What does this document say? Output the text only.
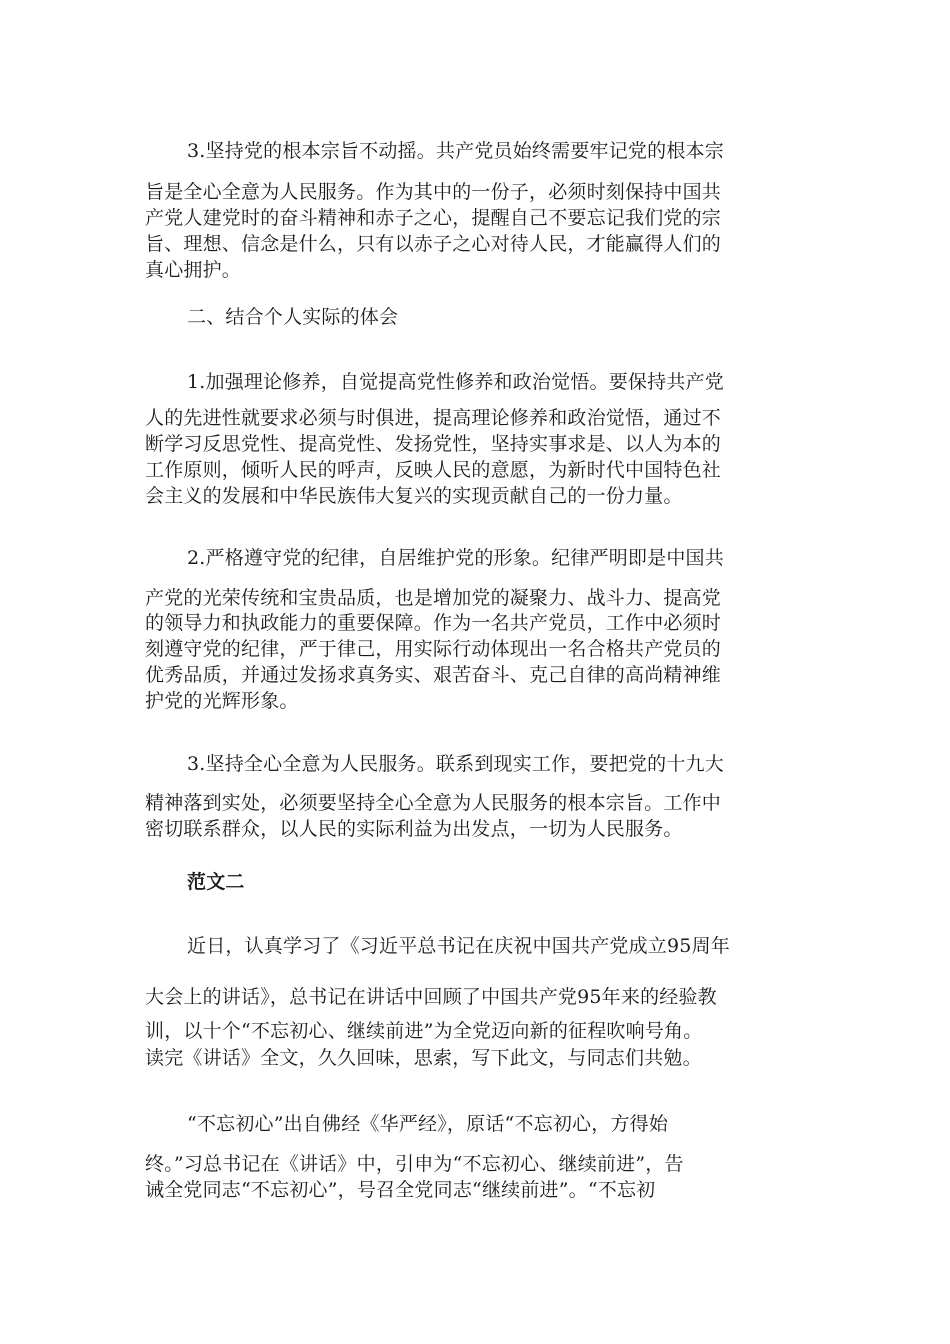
3.坚持党的根本宗旨不动摇。共产党员始终需要牢记党的根本宗
旨是全心全意为人民服务。作为其中的一份子，必须时刻保持中国共
产党人建党时的奋斗精神和赤子之心，提醒自己不要忘记我们党的宗
旨、理想、信念是什么，只有以赤子之心对待人民，才能赢得人们的
真心拥护。
二、结合个人实际的体会
1.加强理论修养，自觉提高党性修养和政治觉悟。要保持共产党
人的先进性就要求必须与时俱进，提高理论修养和政治觉悟，通过不
断学习反思党性、提高党性、发扬党性，坚持实事求是、以人为本的
工作原则，倾听人民的呼声，反映人民的意愿，为新时代中国特色社
会主义的发展和中华民族伟大复兴的实现贡献自己的一份力量。
2.严格遵守党的纪律，自居维护党的形象。纪律严明即是中国共
产党的光荣传统和宝贵品质，也是增加党的凝聚力、战斗力、提高党
的领导力和执政能力的重要保障。作为一名共产党员，工作中必须时
刻遵守党的纪律，严于律己，用实际行动体现出一名合格共产党员的
优秀品质，并通过发扬求真务实、艰苦奋斗、克己自律的高尚精神维
护党的光辉形象。
3.坚持全心全意为人民服务。联系到现实工作，要把党的十九大
精神落到实处，必须要坚持全心全意为人民服务的根本宗旨。工作中
密切联系群众，以人民的实际利益为出发点，一切为人民服务。
范文二
近日，认真学习了《习近平总书记在庆祝中国共产党成立95周年
大会上的讲话》，总书记在讲话中回顾了中国共产党95年来的经验教
训，以十个“不忘初心、继续前进”为全党迈向新的征程吹响号角。
读完《讲话》全文，久久回味，思索，写下此文，与同志们共勉。
“不忘初心”出自佛经《华严经》，原话“不忘初心，方得始
终。”习总书记在《讲话》中，引申为“不忘初心、继续前进”，告
诫全党同志“不忘初心”，号召全党同志“继续前进”。“不忘初
